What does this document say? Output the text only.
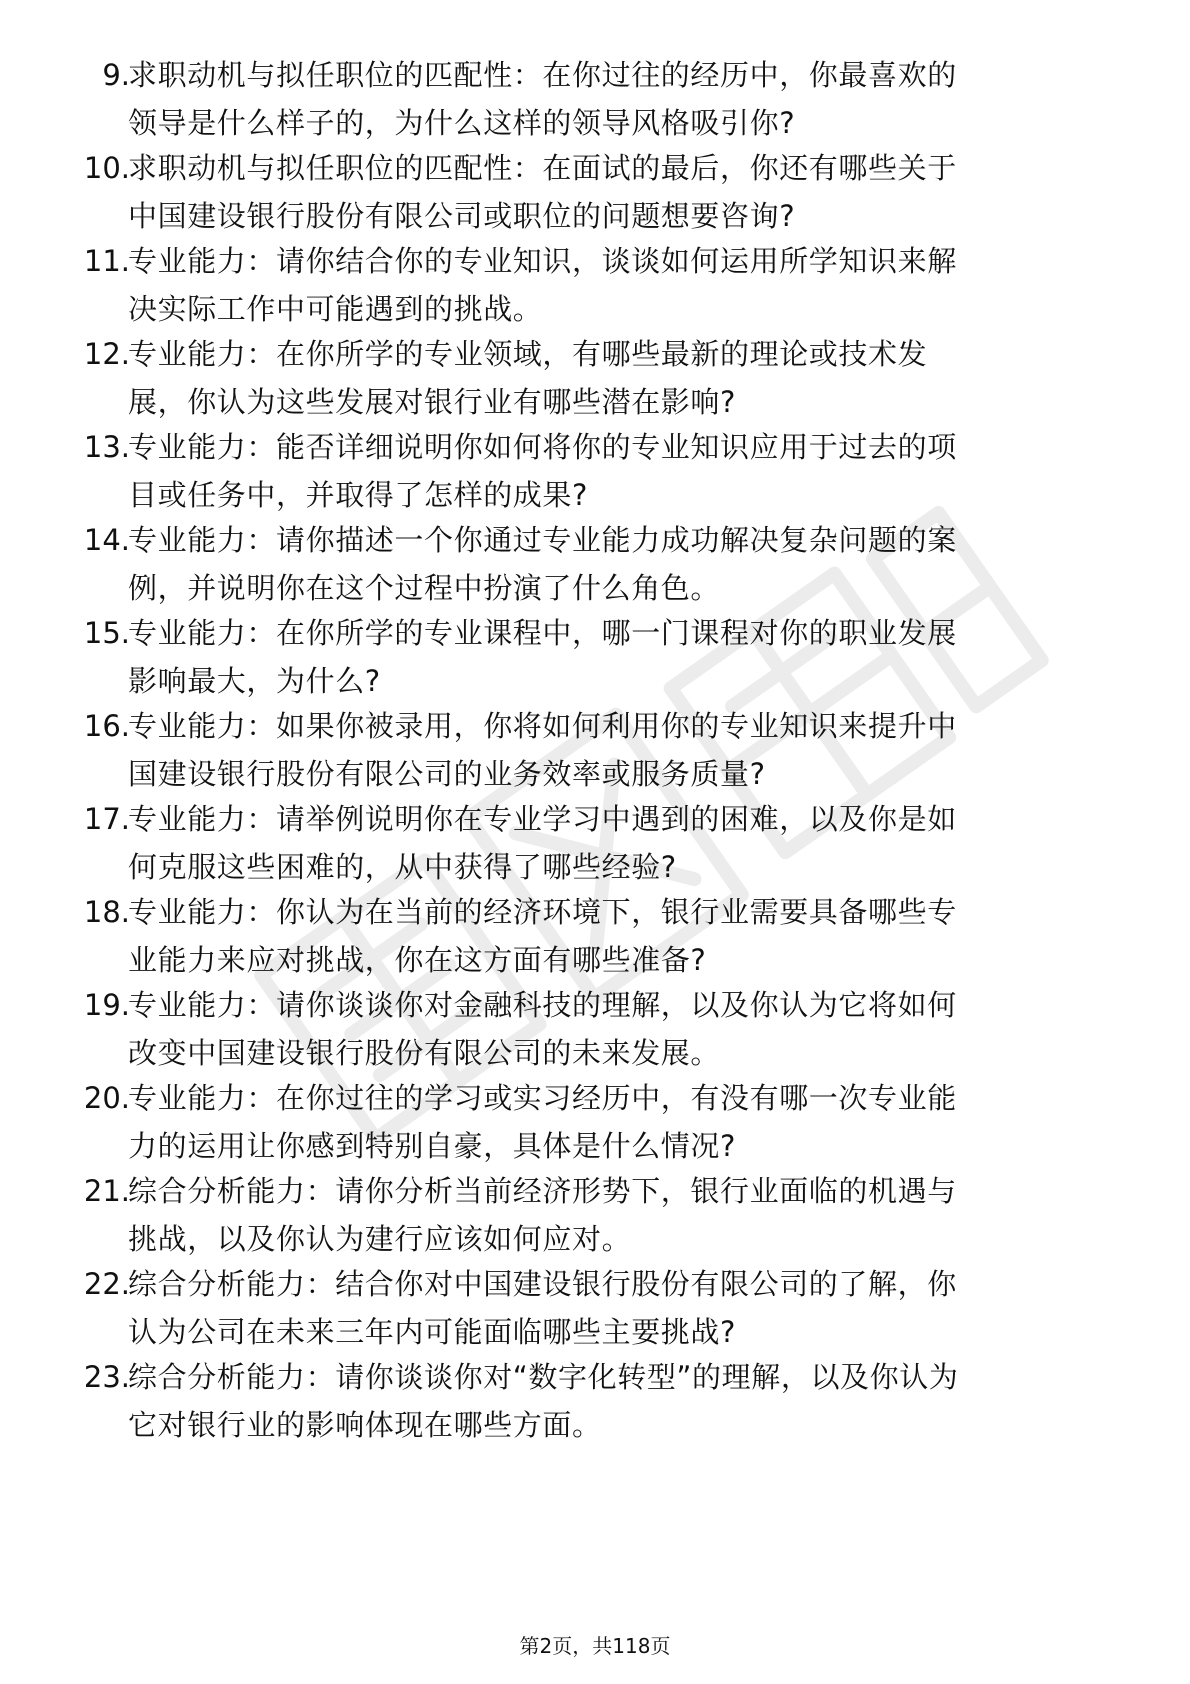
9.
求职动机与拟任职位的匹配性：在你过往的经历中，你最喜欢的
领导是什么样子的，为什么这样的领导风格吸引你?
10.
求职动机与拟任职位的匹配性：在面试的最后，你还有哪些关于
中国建设银行股份有限公司或职位的问题想要咨询?
11.
专业能力：请你结合你的专业知识，谈谈如何运用所学知识来解
决实际工作中可能遇到的挑战。
12.
专业能力：在你所学的专业领域，有哪些最新的理论或技术发
展，你认为这些发展对银行业有哪些潜在影响?
13.
专业能力：能否详细说明你如何将你的专业知识应用于过去的项
目或任务中，并取得了怎样的成果?
14.
专业能力：请你描述一个你通过专业能力成功解决复杂问题的案
例，并说明你在这个过程中扮演了什么角色。
15.
专业能力：在你所学的专业课程中，哪一门课程对你的职业发展
影响最大，为什么?
16.
专业能力：如果你被录用，你将如何利用你的专业知识来提升中
国建设银行股份有限公司的业务效率或服务质量?
17.
专业能力：请举例说明你在专业学习中遇到的困难，以及你是如
何克服这些困难的，从中获得了哪些经验?
18.
专业能力：你认为在当前的经济环境下，银行业需要具备哪些专
业能力来应对挑战，你在这方面有哪些准备?
19.
专业能力：请你谈谈你对金融科技的理解，以及你认为它将如何
改变中国建设银行股份有限公司的未来发展。
20.
专业能力：在你过往的学习或实习经历中，有没有哪一次专业能
力的运用让你感到特别自豪，具体是什么情况?
21.
综合分析能力：请你分析当前经济形势下，银行业面临的机遇与
挑战，以及你认为建行应该如何应对。
22.
综合分析能力：结合你对中国建设银行股份有限公司的了解，你
认为公司在未来三年内可能面临哪些主要挑战?
23.
综合分析能力：请你谈谈你对“数字化转型”的理解，以及你认为
它对银行业的影响体现在哪些方面。
第2页，共118页
